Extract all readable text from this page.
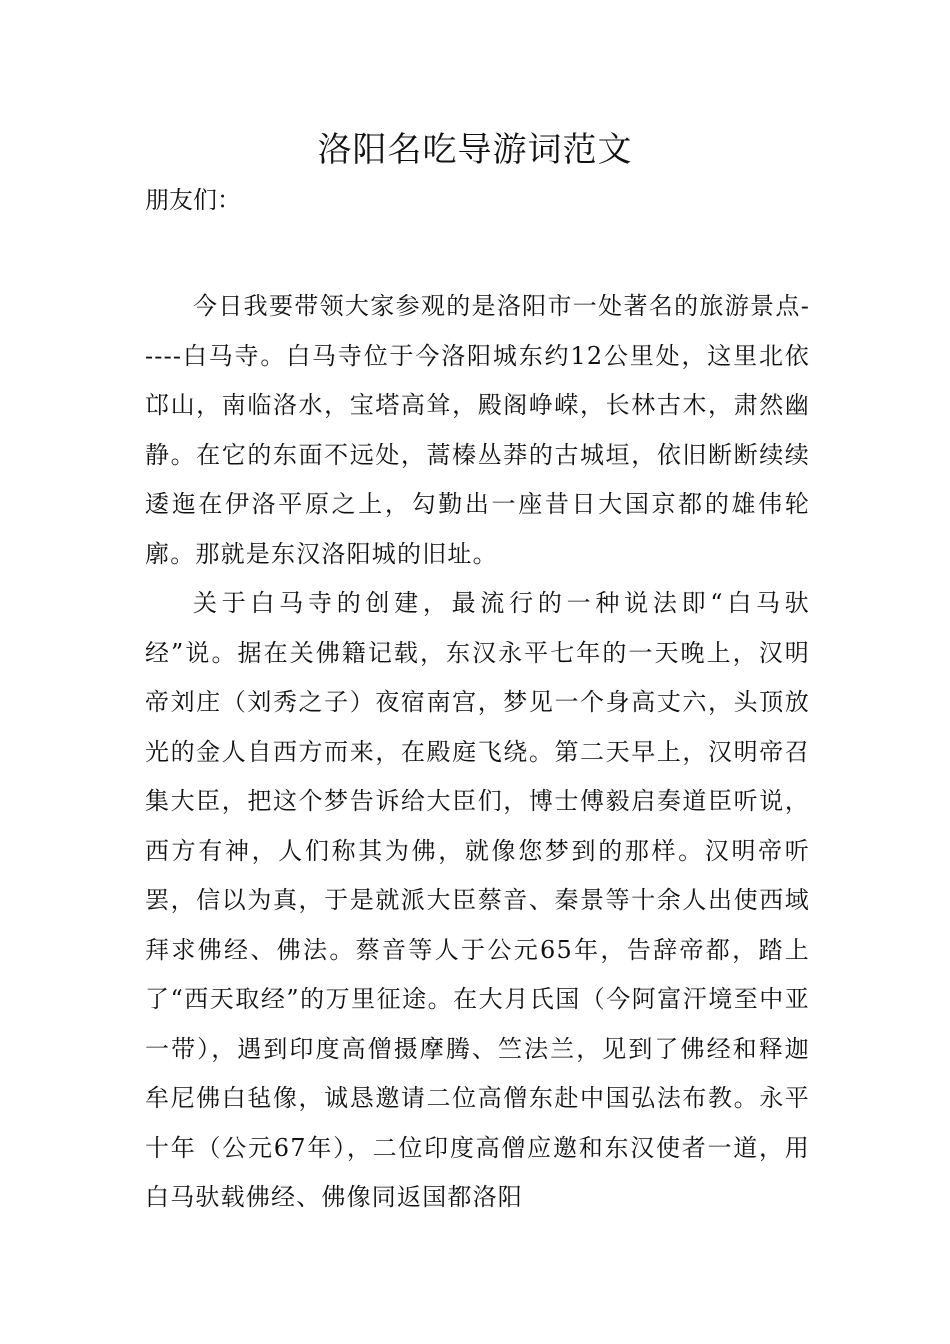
洛阳名吃导游词范文

朋友们：

今日我要带领大家参观的是洛阳市一处著名的旅游景点-----白马寺。白马寺位于今洛阳城东约12公里处，这里北依邙山，南临洛水，宝塔高耸，殿阁峥嵘，长林古木，肃然幽静。在它的东面不远处，蒿榛丛莽的古城垣，依旧断断续续逶迤在伊洛平原之上，勾勤出一座昔日大国京都的雄伟轮廓。那就是东汉洛阳城的旧址。

关于白马寺的创建，最流行的一种说法即“白马驮经”说。据在关佛籍记载，东汉永平七年的一天晚上，汉明帝刘庄（刘秀之子）夜宿南宫，梦见一个身高丈六，头顶放光的金人自西方而来，在殿庭飞绕。第二天早上，汉明帝召集大臣，把这个梦告诉给大臣们，博士傅毅启奏道臣听说，西方有神，人们称其为佛，就像您梦到的那样。汉明帝听罢，信以为真，于是就派大臣蔡音、秦景等十余人出使西域拜求佛经、佛法。蔡音等人于公元65年，告辞帝都，踏上了“西天取经”的万里征途。在大月氏国（今阿富汗境至中亚一带），遇到印度高僧摄摩腾、竺法兰，见到了佛经和释迦牟尼佛白毡像，诚恳邀请二位高僧东赴中国弘法布教。永平十年（公元67年），二位印度高僧应邀和东汉使者一道，用白马驮载佛经、佛像同返国都洛阳
